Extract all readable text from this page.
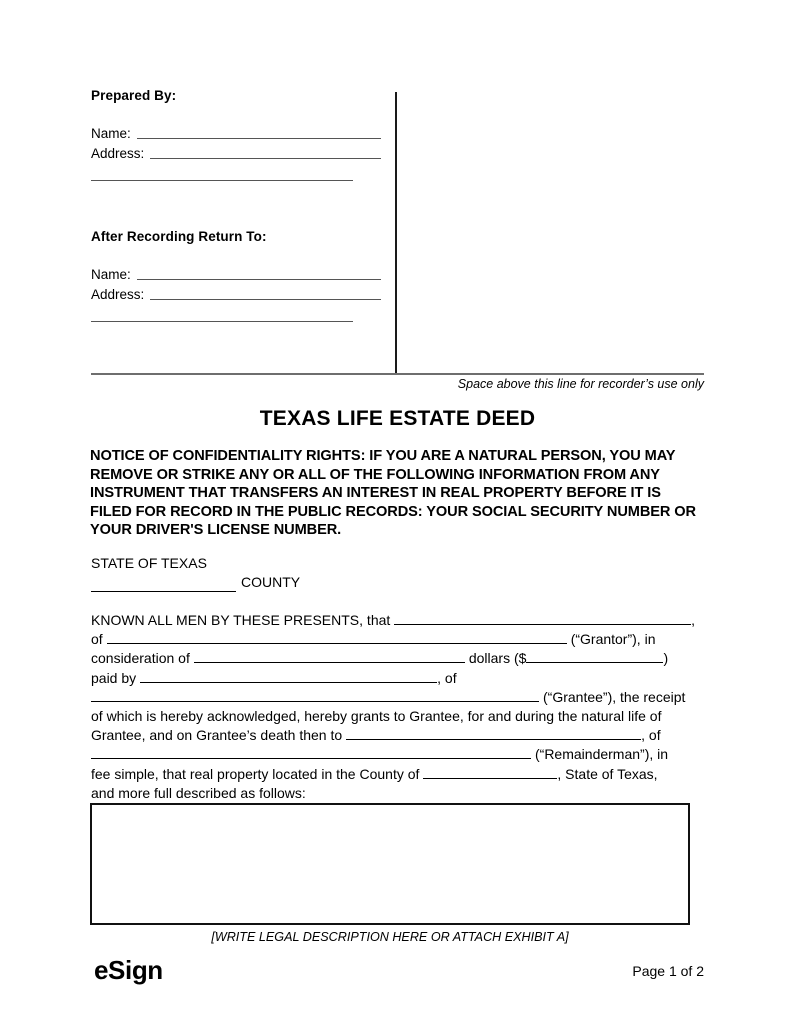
Prepared By:

Name:
Address:

After Recording Return To:

Name:
Address:
Space above this line for recorder’s use only
TEXAS LIFE ESTATE DEED

NOTICE OF CONFIDENTIALITY RIGHTS: IF YOU ARE A NATURAL PERSON, YOU MAY REMOVE OR STRIKE ANY OR ALL OF THE FOLLOWING INFORMATION FROM ANY INSTRUMENT THAT TRANSFERS AN INTEREST IN REAL PROPERTY BEFORE IT IS FILED FOR RECORD IN THE PUBLIC RECORDS: YOUR SOCIAL SECURITY NUMBER OR YOUR DRIVER'S LICENSE NUMBER.

STATE OF TEXAS
COUNTY
KNOWN ALL MEN BY THESE PRESENTS, that	,
of	(“Grantor”), in
consideration of	dollars ($	)
paid by	, of
(“Grantee”), the receipt
of which is hereby acknowledged, hereby grants to Grantee, for and during the natural life of
Grantee, and on Grantee’s death then to	, of
(“Remainderman”), in
fee simple, that real property located in the County of	, State of Texas,
and more full described as follows:
[WRITE LEGAL DESCRIPTION HERE OR ATTACH EXHIBIT A]
eSign	Page 1 of 2
